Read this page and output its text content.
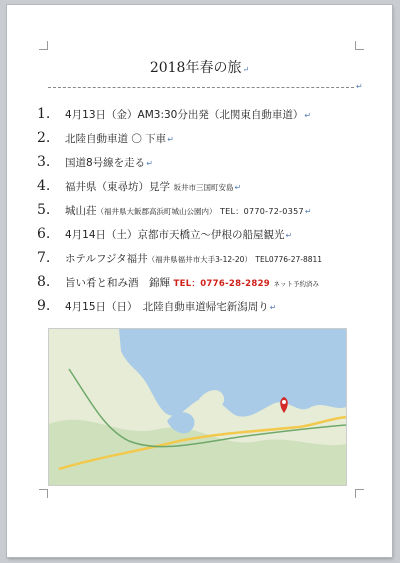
2018年春の旅↵
↵
1. 4月13日（金）AM3:30分出発（北関東自動車道）↵
2. 北陸自動車道 〇 下車↵
3. 国道8号線を走る↵
4. 福井県（東尋坊）見学 坂井市三国町安島↵
5. 城山荘（福井県大飯郡高浜町城山公園内） TEL：0770-72-0357↵
6. 4月14日（土）京都市天橋立〜伊根の船屋観光↵
7. ホテルフジタ福井（福井県福井市大手3-12-20） TEL0776-27-8811
8. 旨い肴と和み酒　錦輝 TEL：0776-28-2829 ネット予約済み
9. 4月15日（日）　北陸自動車道帰宅新潟周り↵
